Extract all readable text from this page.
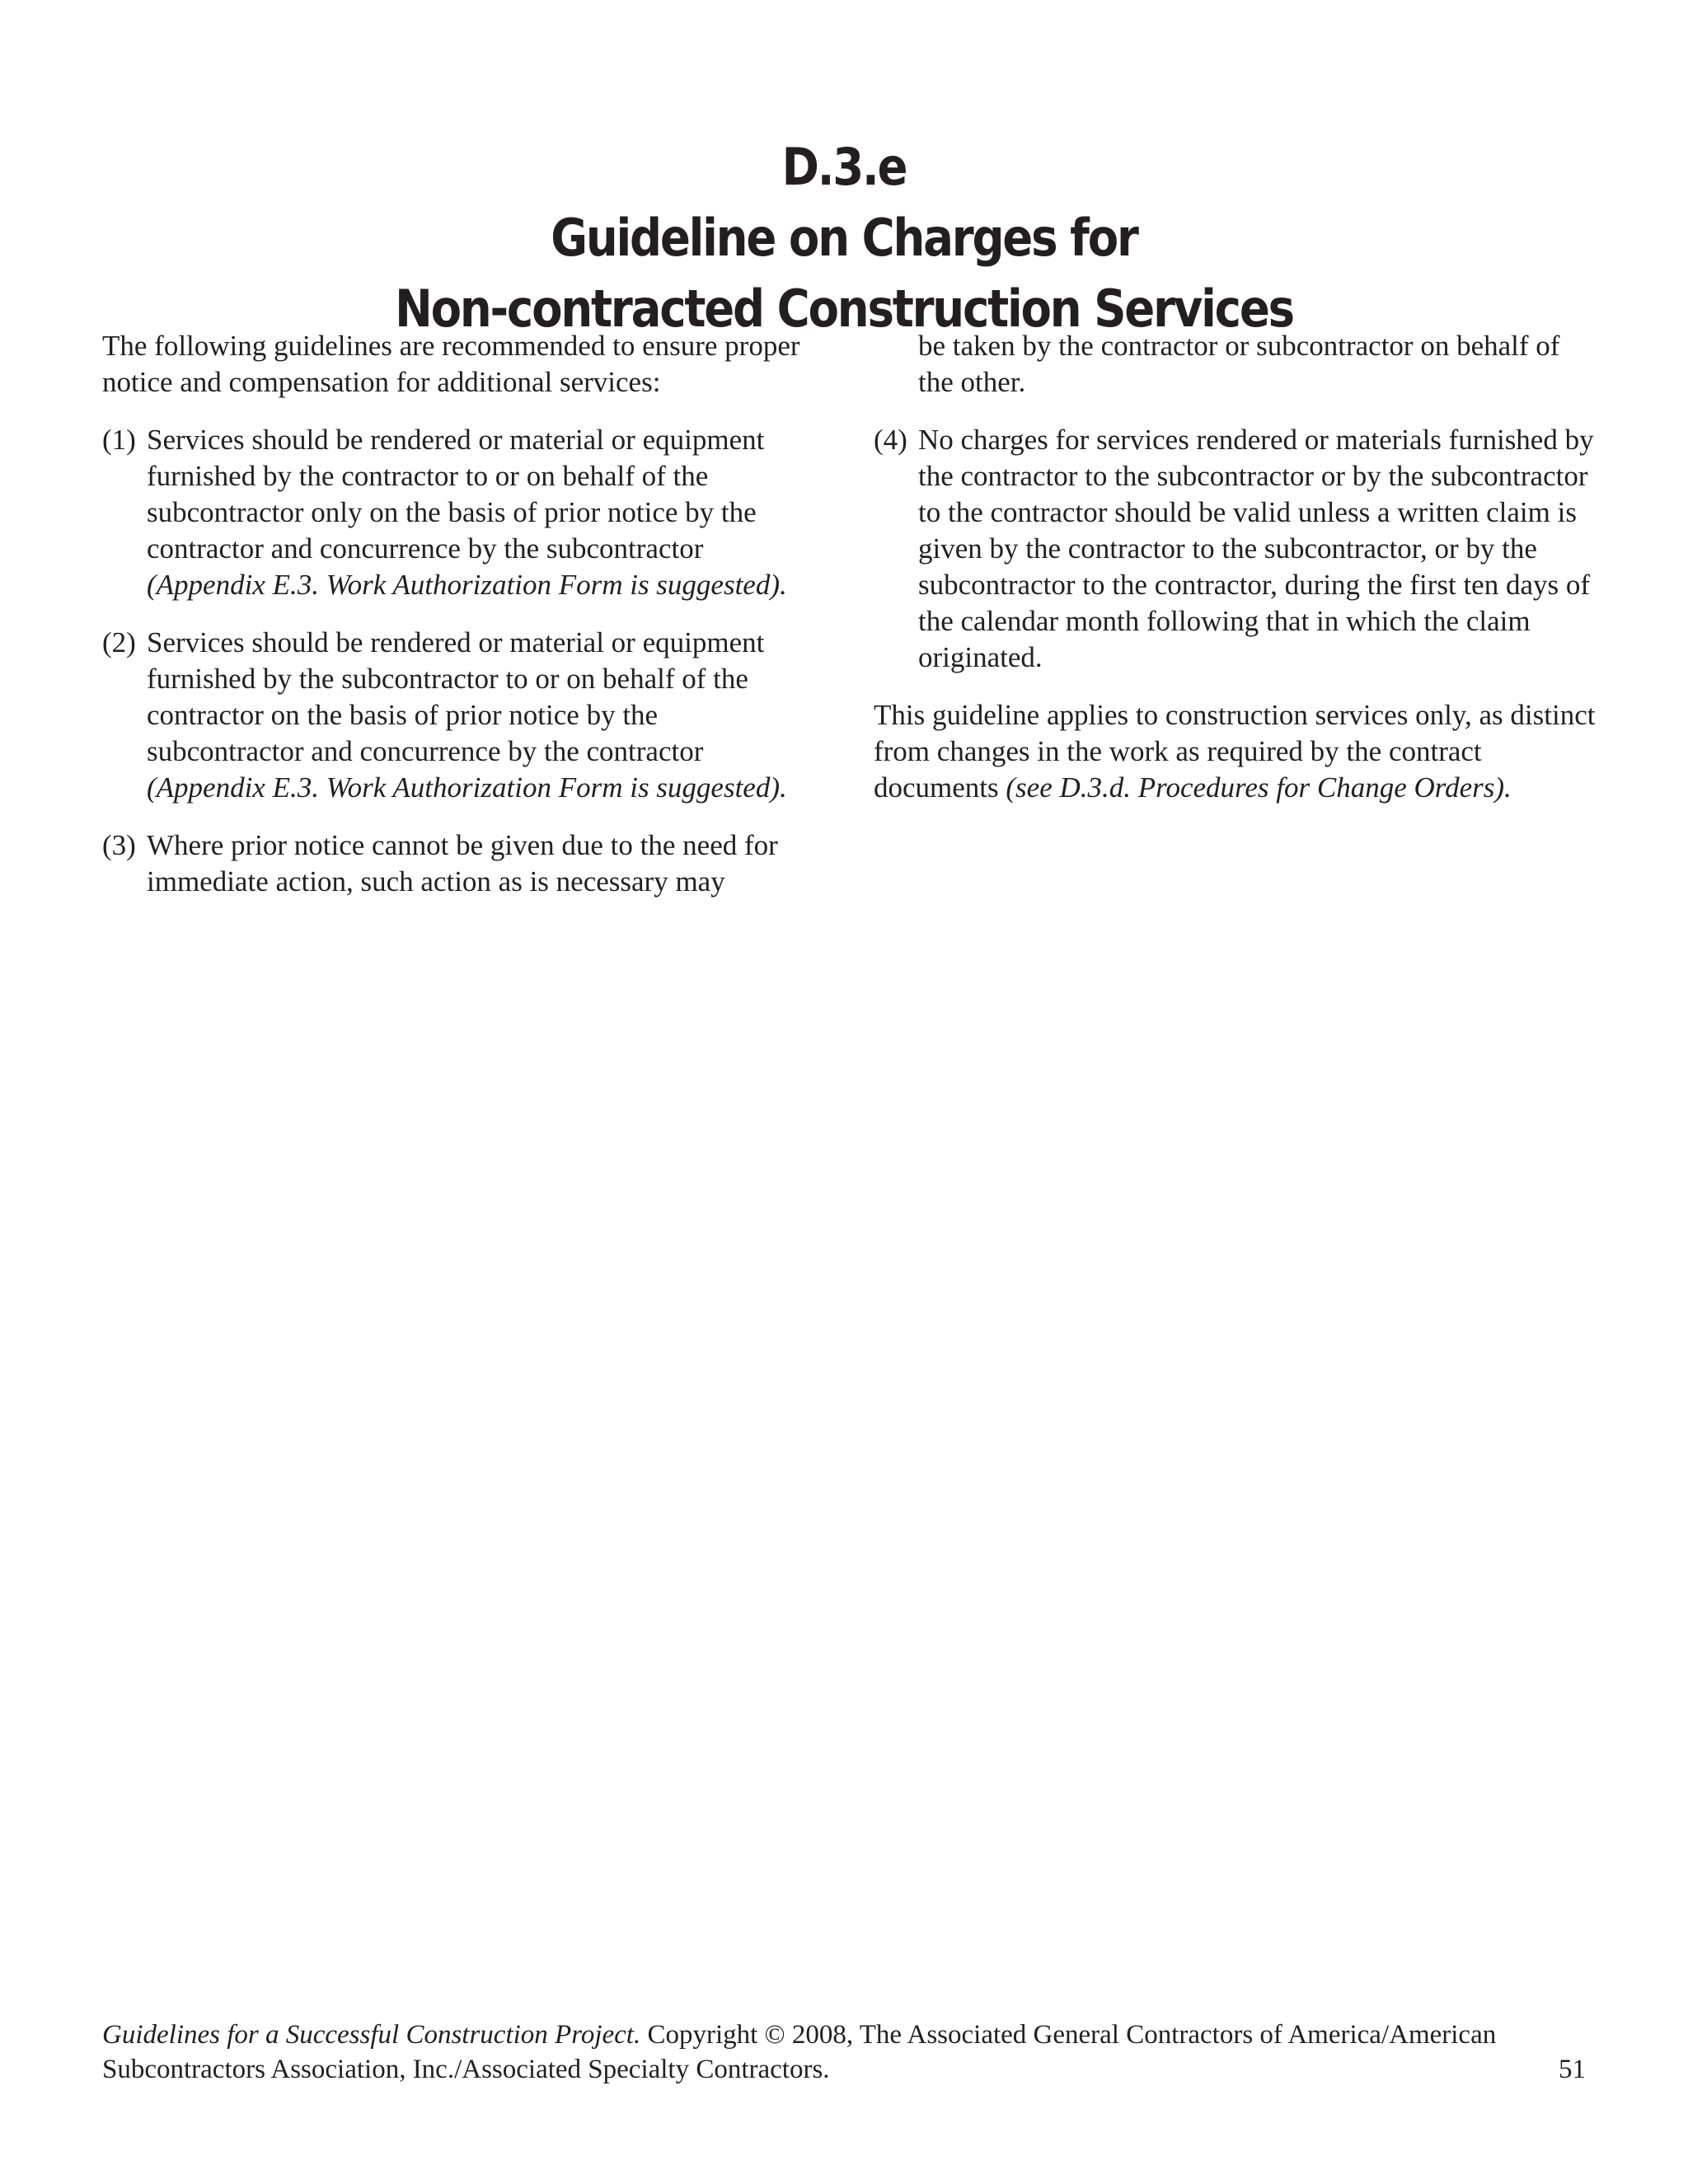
D.3.e
Guideline on Charges for
Non-contracted Construction Services

The following guidelines are recommended to ensure proper notice and compensation for additional services:

(1) Services should be rendered or material or equipment furnished by the contractor to or on behalf of the subcontractor only on the basis of prior notice by the contractor and concurrence by the subcontractor (Appendix E.3. Work Authorization Form is suggested).
(2) Services should be rendered or material or equipment furnished by the subcontractor to or on behalf of the contractor on the basis of prior notice by the subcontractor and concurrence by the contractor (Appendix E.3. Work Authorization Form is suggested).
(3) Where prior notice cannot be given due to the need for immediate action, such action as is necessary may
be taken by the contractor or subcontractor on behalf of the other.
(4) No charges for services rendered or materials furnished by the contractor to the subcontractor or by the subcontractor to the contractor should be valid unless a written claim is given by the contractor to the subcontractor, or by the subcontractor to the contractor, during the first ten days of the calendar month following that in which the claim originated.

This guideline applies to construction services only, as distinct from changes in the work as required by the contract documents (see D.3.d. Procedures for Change Orders).

Guidelines for a Successful Construction Project. Copyright © 2008, The Associated General Contractors of America/American Subcontractors Association, Inc./Associated Specialty Contractors.	51
